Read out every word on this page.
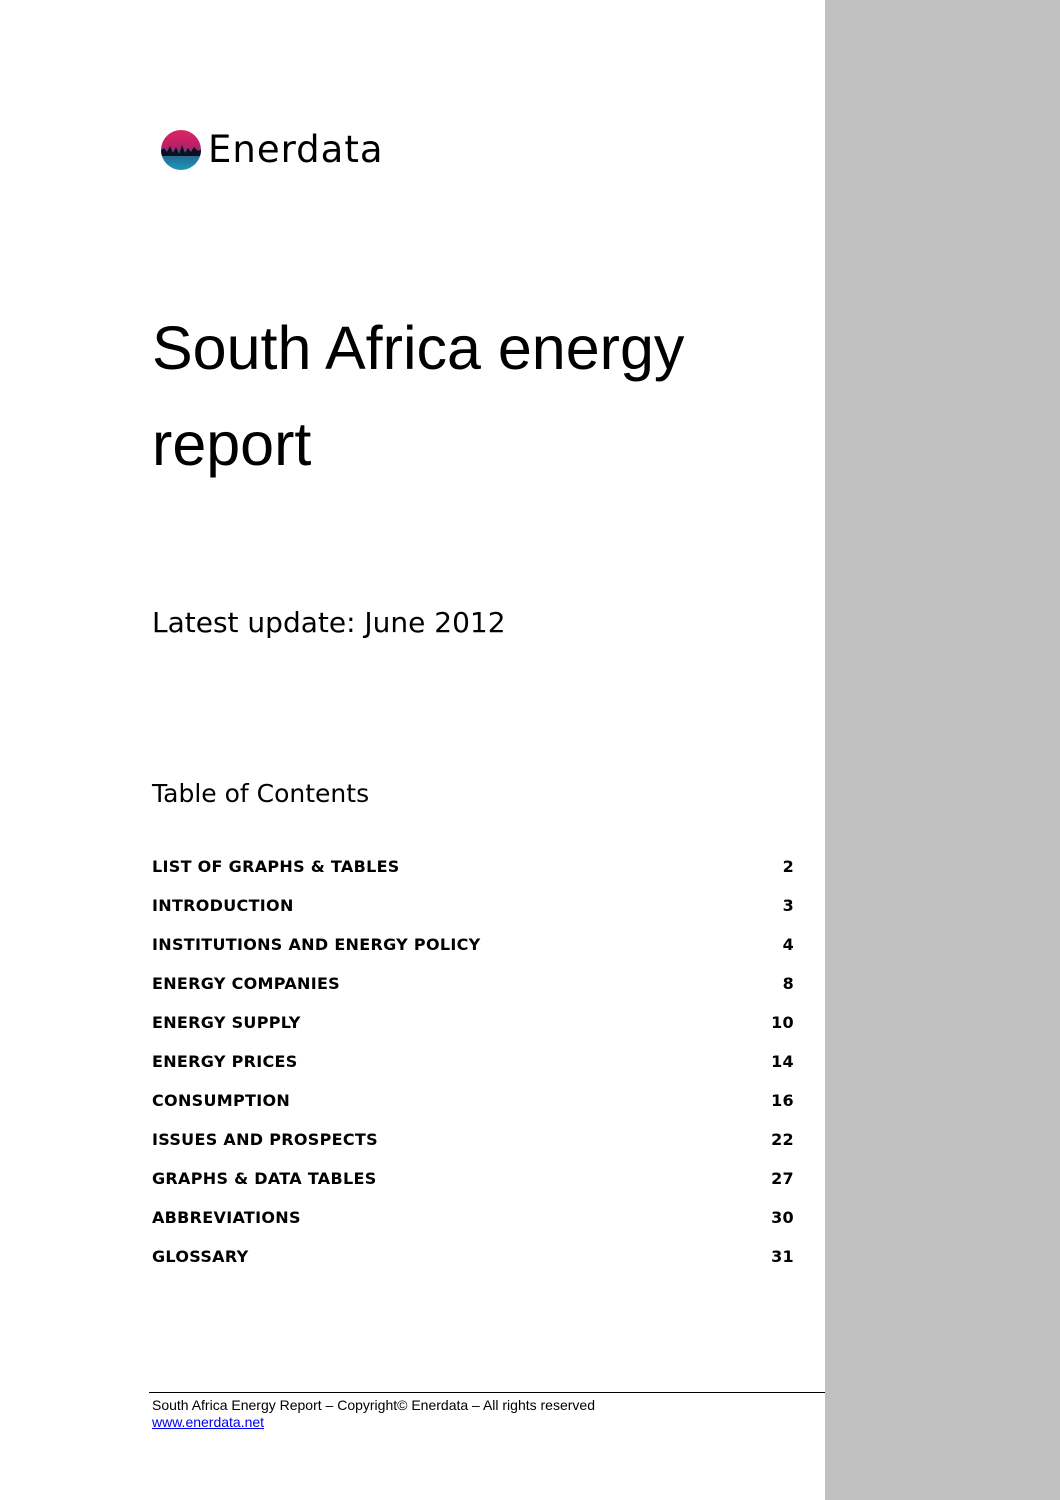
Enerdata
South Africa energy report
Latest update: June 2012
Table of Contents
LIST OF GRAPHS & TABLES	2
INTRODUCTION	3
INSTITUTIONS AND ENERGY POLICY	4
ENERGY COMPANIES	8
ENERGY SUPPLY	10
ENERGY PRICES	14
CONSUMPTION	16
ISSUES AND PROSPECTS	22
GRAPHS & DATA TABLES	27
ABBREVIATIONS	30
GLOSSARY	31
South Africa Energy Report – Copyright© Enerdata – All rights reserved
www.enerdata.net
